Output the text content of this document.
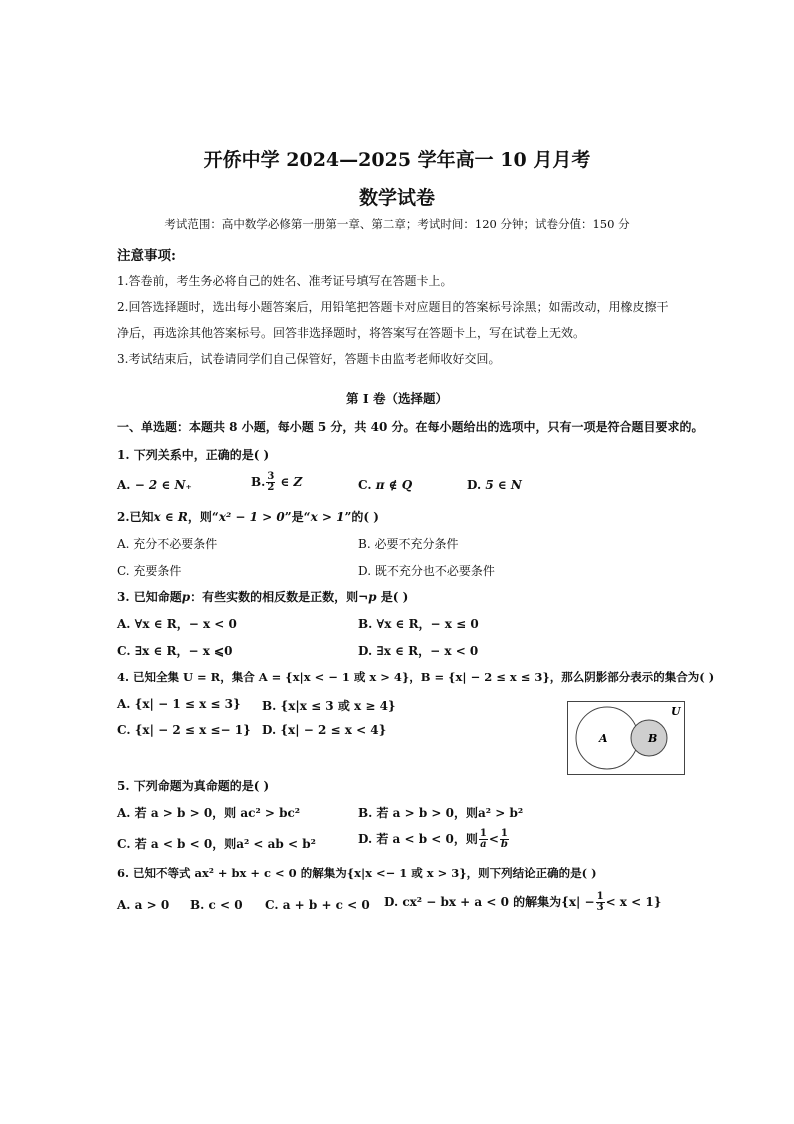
开侨中学 2024—2025 学年高一 10 月月考
数学试卷
考试范围：高中数学必修第一册第一章、第二章；考试时间：120 分钟；试卷分值：150 分
注意事项:
1.答卷前，考生务必将自己的姓名、准考证号填写在答题卡上。
2.回答选择题时，选出每小题答案后，用铅笔把答题卡对应题目的答案标号涂黑；如需改动，用橡皮擦干
净后，再选涂其他答案标号。回答非选择题时，将答案写在答题卡上，写在试卷上无效。
3.考试结束后，试卷请同学们自己保管好，答题卡由监考老师收好交回。
第 I 卷（选择题）
一、单选题：本题共 8 小题，每小题 5 分，共 40 分。在每小题给出的选项中，只有一项是符合题目要求的。
1. 下列关系中，正确的是( )
A. − 2 ∈ N₊	B. $\frac{3}{2}$ ∈ Z	C. π ∉ Q	D. 5 ∈ N
2.已知x ∈ R，则“x² − 1 > 0”是“x > 1”的( )
A. 充分不必要条件	B. 必要不充分条件
C. 充要条件	D. 既不充分也不必要条件
3. 已知命题p：有些实数的相反数是正数，则¬p 是( )
A. ∀x ∈ R，− x < 0	B. ∀x ∈ R，− x ≤ 0
C. ∃x ∈ R，− x ⩽0	D. ∃x ∈ R，− x < 0
4. 已知全集 U = R，集合 A = {x|x < − 1 或 x > 4}，B = {x| − 2 ≤ x ≤ 3}，那么阴影部分表示的集合为( )
A. {x| − 1 ≤ x ≤ 3} B. {x|x ≤ 3 或 x ≥ 4}
C. {x| − 2 ≤ x ≤− 1} D. {x| − 2 ≤ x < 4}
U
A	B
5. 下列命题为真命题的是( )
A. 若 a > b > 0，则 ac² > bc²	B. 若 a > b > 0，则a² > b²
C. 若 a < b < 0，则a² < ab < b²	D. 若 a < b < 0，则 $\frac{1}{a} < \frac{1}{b}$
6. 已知不等式 ax² + bx + c < 0 的解集为{x|x <− 1 或 x > 3}，则下列结论正确的是( )
A. a > 0 B. c < 0 C. a + b + c < 0 D. cx² − bx + a < 0 的解集为$\{x| - \frac{1}{3} < x < 1\}$
